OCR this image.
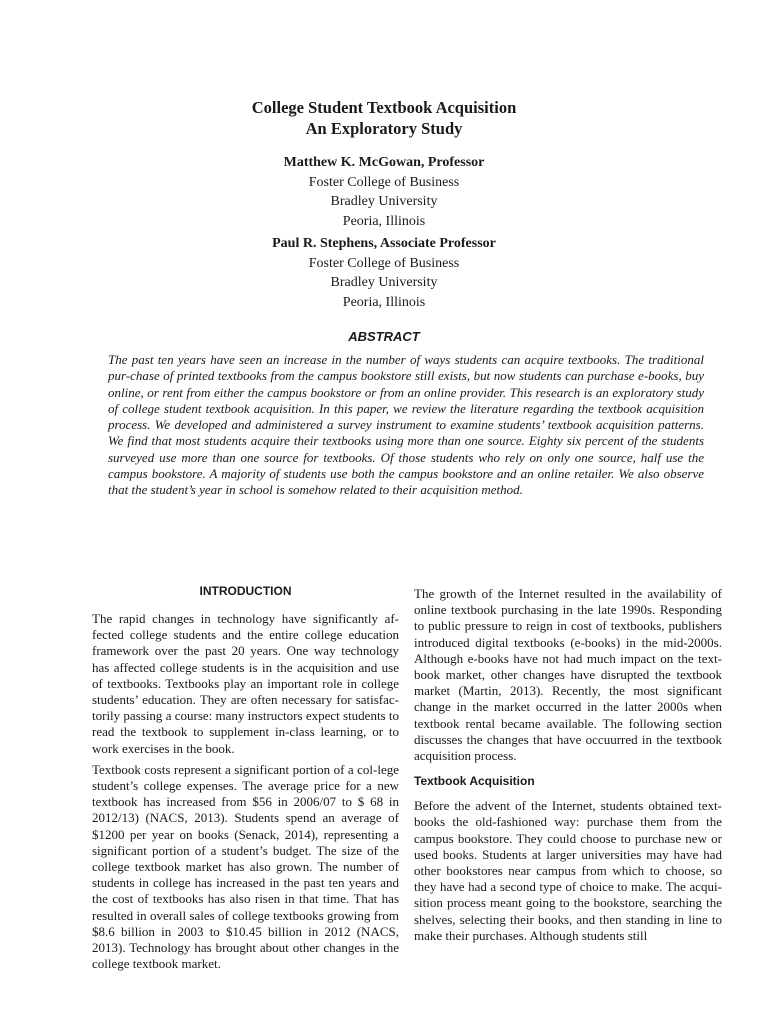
College Student Textbook Acquisition
An Exploratory Study
Matthew K. McGowan, Professor
Foster College of Business
Bradley University
Peoria, Illinois
Paul R. Stephens, Associate Professor
Foster College of Business
Bradley University
Peoria, Illinois
ABSTRACT

The past ten years have seen an increase in the number of ways students can acquire textbooks. The traditional pur-chase of printed textbooks from the campus bookstore still exists, but now students can purchase e-books, buy online, or rent from either the campus bookstore or from an online provider. This research is an exploratory study of college student textbook acquisition. In this paper, we review the literature regarding the textbook acquisition process. We developed and administered a survey instrument to examine students’ textbook acquisition patterns. We find that most students acquire their textbooks using more than one source. Eighty six percent of the students surveyed use more than one source for textbooks. Of those students who rely on only one source, half use the campus bookstore. A majority of students use both the campus bookstore and an online retailer. We also observe that the student’s year in school is somehow related to their acquisition method.

INTRODUCTION

The rapid changes in technology have significantly af-fected college students and the entire college education framework over the past 20 years. One way technology has affected college students is in the acquisition and use of textbooks. Textbooks play an important role in college students’ education. They are often necessary for satisfac-torily passing a course: many instructors expect students to read the textbook to supplement in-class learning, or to work exercises in the book.

Textbook costs represent a significant portion of a col-lege student’s college expenses. The average price for a new textbook has increased from $56 in 2006/07 to $ 68 in 2012/13) (NACS, 2013). Students spend an average of $1200 per year on books (Senack, 2014), representing a significant portion of a student’s budget. The size of the college textbook market has also grown. The number of students in college has increased in the past ten years and the cost of textbooks has also risen in that time. That has resulted in overall sales of college textbooks growing from $8.6 billion in 2003 to $10.45 billion in 2012 (NACS, 2013). Technology has brought about other changes in the college textbook market.

The growth of the Internet resulted in the availability of online textbook purchasing in the late 1990s. Responding to public pressure to reign in cost of textbooks, publishers introduced digital textbooks (e-books) in the mid-2000s. Although e-books have not had much impact on the text-book market, other changes have disrupted the textbook market (Martin, 2013). Recently, the most significant change in the market occurred in the latter 2000s when textbook rental became available. The following section discusses the changes that have occuurred in the textbook acquisition process.

Textbook Acquisition

Before the advent of the Internet, students obtained text-books the old-fashioned way: purchase them from the campus bookstore. They could choose to purchase new or used books. Students at larger universities may have had other bookstores near campus from which to choose, so they have had a second type of choice to make. The acqui-sition process meant going to the bookstore, searching the shelves, selecting their books, and then standing in line to make their purchases. Although students still
